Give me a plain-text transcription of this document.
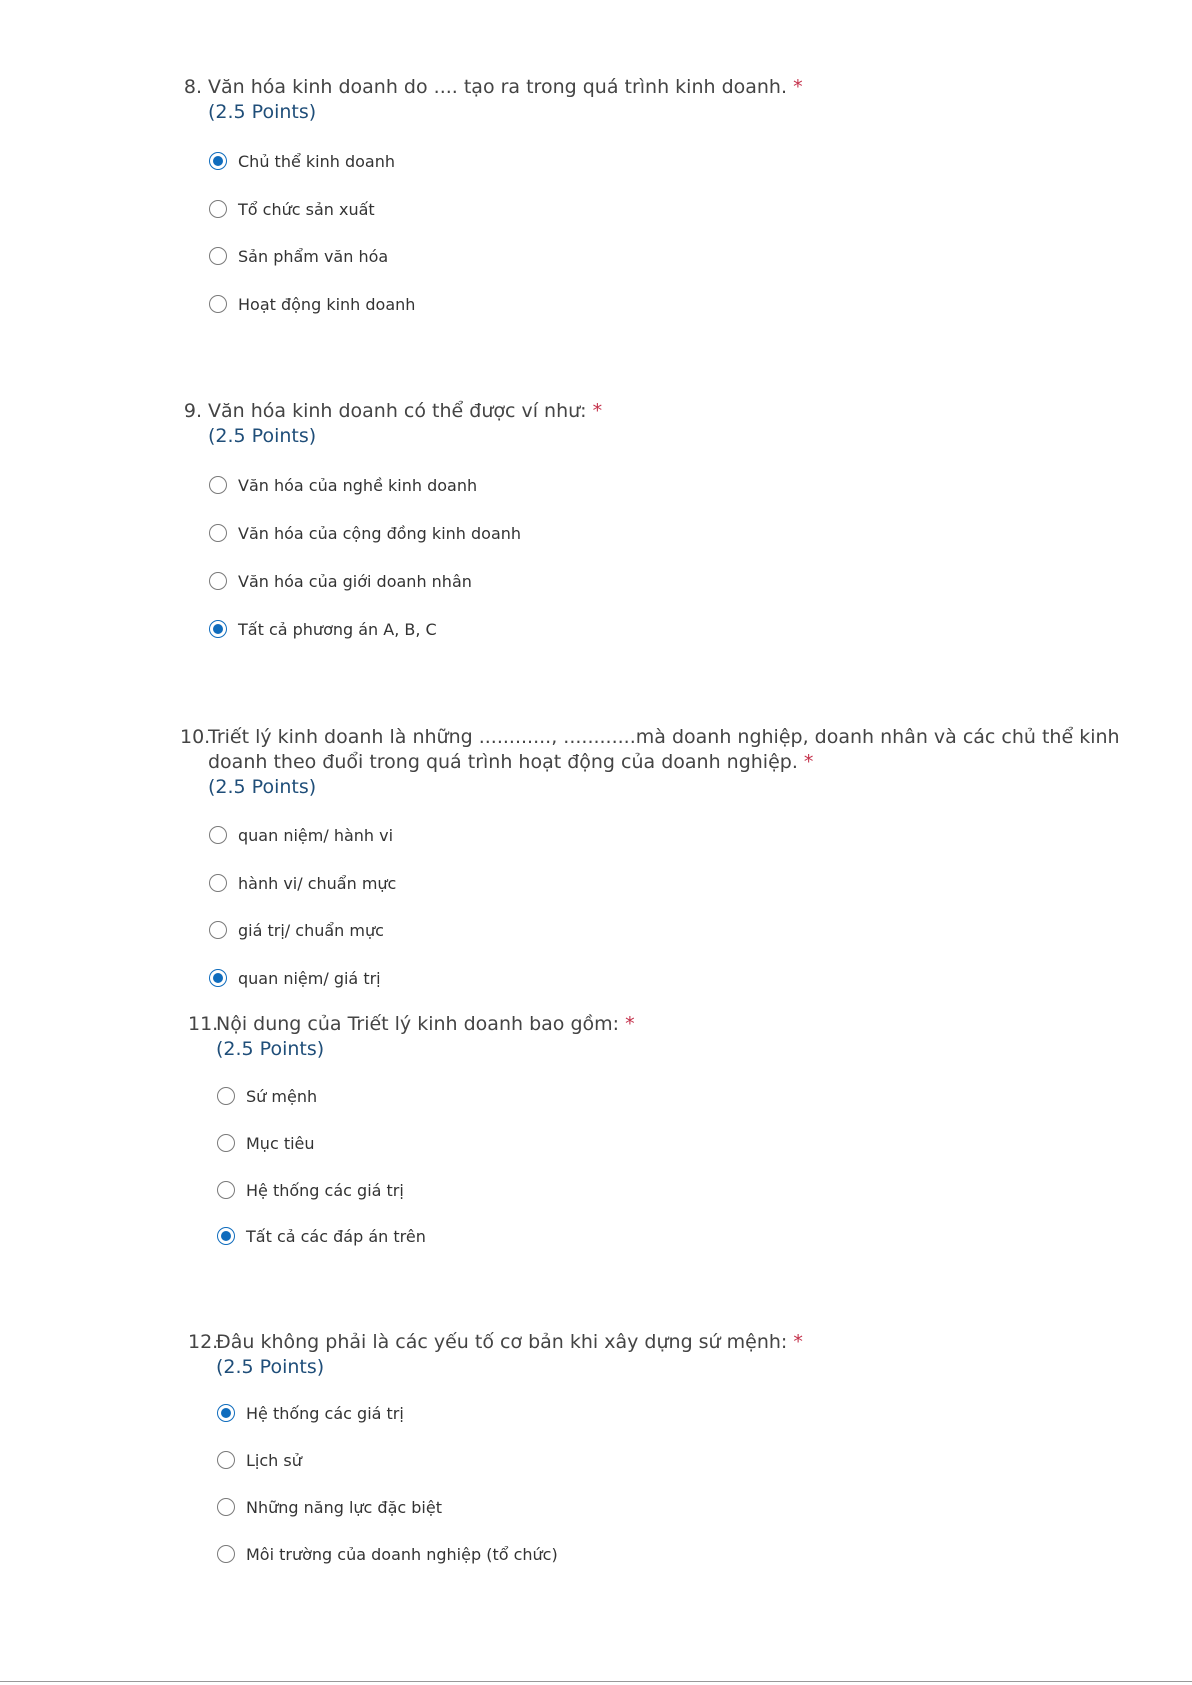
8. Văn hóa kinh doanh do .... tạo ra trong quá trình kinh doanh. *
(2.5 Points)
Chủ thể kinh doanh
Tổ chức sản xuất
Sản phẩm văn hóa
Hoạt động kinh doanh
9. Văn hóa kinh doanh có thể được ví như: *
(2.5 Points)
Văn hóa của nghề kinh doanh
Văn hóa của cộng đồng kinh doanh
Văn hóa của giới doanh nhân
Tất cả phương án A, B, C
10.
Triết lý kinh doanh là những ............, ............mà doanh nghiệp, doanh nhân và các chủ thể kinh
doanh theo đuổi trong quá trình hoạt động của doanh nghiệp. *
(2.5 Points)
quan niệm/ hành vi
hành vi/ chuẩn mực
giá trị/ chuẩn mực
quan niệm/ giá trị
11.
Nội dung của Triết lý kinh doanh bao gồm: *
(2.5 Points)
Sứ mệnh
Mục tiêu
Hệ thống các giá trị
Tất cả các đáp án trên
12.
Đâu không phải là các yếu tố cơ bản khi xây dựng sứ mệnh: *
(2.5 Points)
Hệ thống các giá trị
Lịch sử
Những năng lực đặc biệt
Môi trường của doanh nghiệp (tổ chức)
